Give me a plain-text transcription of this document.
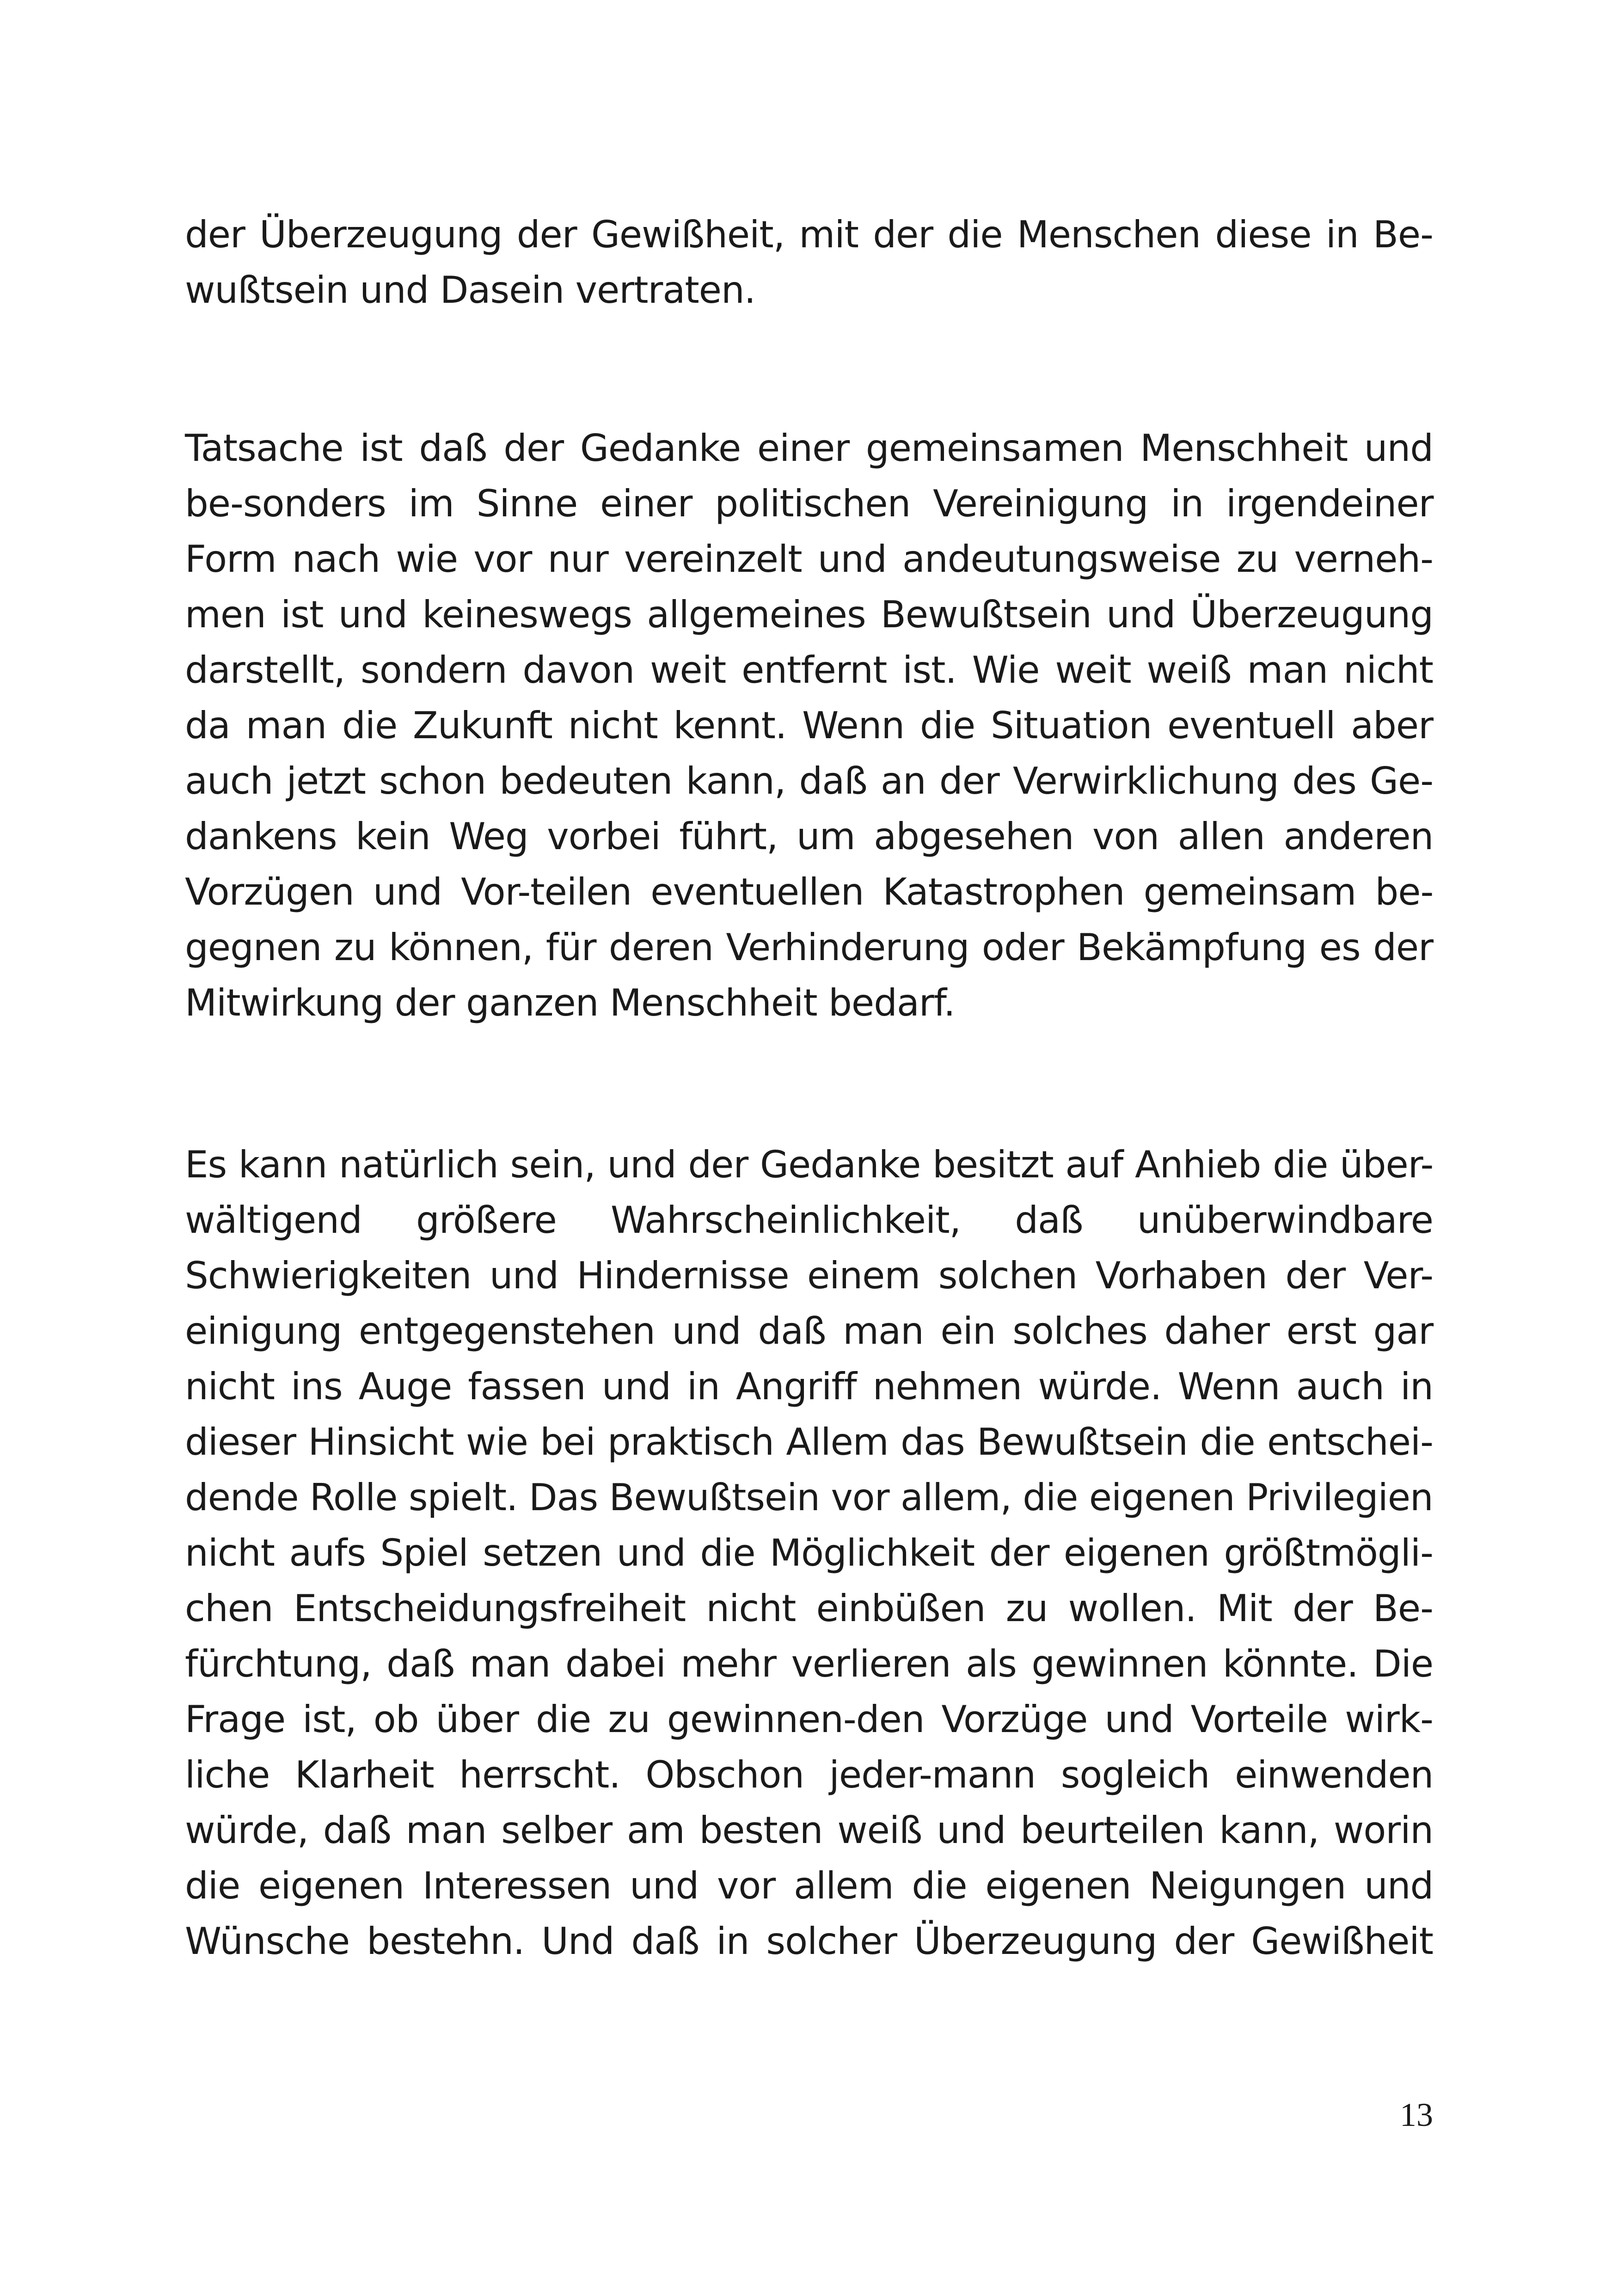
der Überzeugung der Gewißheit, mit der die Menschen diese in Be-
wußtsein und Dasein vertraten.
Tatsache ist daß der Gedanke einer gemeinsamen Menschheit und
be-sonders im Sinne einer politischen Vereinigung in irgendeiner
Form nach wie vor nur vereinzelt und andeutungsweise zu verneh-
men ist und keineswegs allgemeines Bewußtsein und Überzeugung
darstellt, sondern davon weit entfernt ist. Wie weit weiß man nicht
da man die Zukunft nicht kennt. Wenn die Situation eventuell aber
auch jetzt schon bedeuten kann, daß an der Verwirklichung des Ge-
dankens kein Weg vorbei führt, um abgesehen von allen anderen
Vorzügen und Vor-teilen eventuellen Katastrophen gemeinsam be-
gegnen zu können, für deren Verhinderung oder Bekämpfung es der
Mitwirkung der ganzen Menschheit bedarf.
Es kann natürlich sein, und der Gedanke besitzt auf Anhieb die über-
wältigend größere Wahrscheinlichkeit, daß unüberwindbare
Schwierigkeiten und Hindernisse einem solchen Vorhaben der Ver-
einigung entgegenstehen und daß man ein solches daher erst gar
nicht ins Auge fassen und in Angriff nehmen würde. Wenn auch in
dieser Hinsicht wie bei praktisch Allem das Bewußtsein die entschei-
dende Rolle spielt. Das Bewußtsein vor allem, die eigenen Privilegien
nicht aufs Spiel setzen und die Möglichkeit der eigenen größtmögli-
chen Entscheidungsfreiheit nicht einbüßen zu wollen. Mit der Be-
fürchtung, daß man dabei mehr verlieren als gewinnen könnte. Die
Frage ist, ob über die zu gewinnen-den Vorzüge und Vorteile wirk-
liche Klarheit herrscht. Obschon jeder-mann sogleich einwenden
würde, daß man selber am besten weiß und beurteilen kann, worin
die eigenen Interessen und vor allem die eigenen Neigungen und
Wünsche bestehn. Und daß in solcher Überzeugung der Gewißheit
13
